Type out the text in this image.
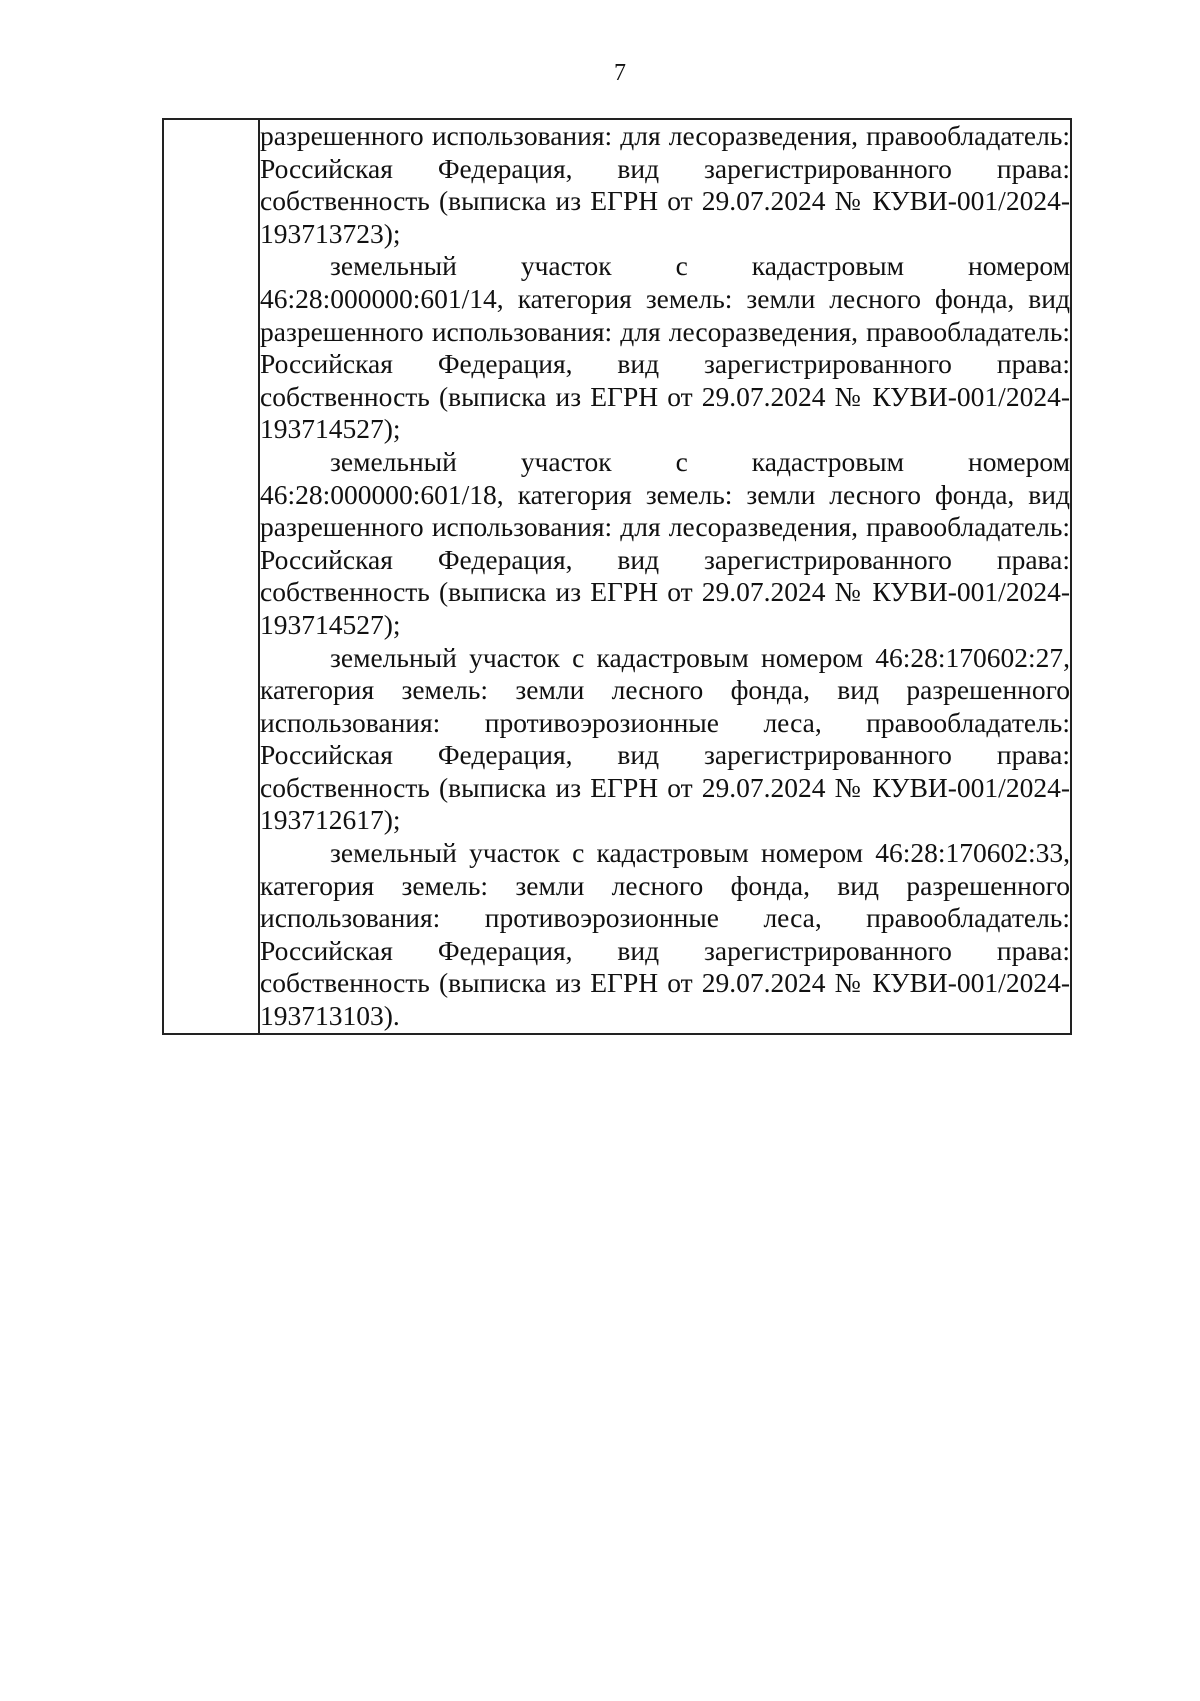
7

разрешенного использования: для лесоразведения, правообладатель: Российская Федерация, вид зарегистрированного права: собственность (выписка из ЕГРН от 29.07.2024 № КУВИ-001/2024-193713723);

земельный участок с кадастровым номером 46:28:000000:601/14, категория земель: земли лесного фонда, вид разрешенного использования: для лесоразведения, правообладатель: Российская Федерация, вид зарегистрированного права: собственность (выписка из ЕГРН от 29.07.2024 № КУВИ-001/2024-193714527);

земельный участок с кадастровым номером 46:28:000000:601/18, категория земель: земли лесного фонда, вид разрешенного использования: для лесоразведения, правообладатель: Российская Федерация, вид зарегистрированного права: собственность (выписка из ЕГРН от 29.07.2024 № КУВИ-001/2024-193714527);

земельный участок с кадастровым номером 46:28:170602:27, категория земель: земли лесного фонда, вид разрешенного использования: противоэрозионные леса, правообладатель: Российская Федерация, вид зарегистрированного права: собственность (выписка из ЕГРН от 29.07.2024 № КУВИ-001/2024-193712617);

земельный участок с кадастровым номером 46:28:170602:33, категория земель: земли лесного фонда, вид разрешенного использования: противоэрозионные леса, правообладатель: Российская Федерация, вид зарегистрированного права: собственность (выписка из ЕГРН от 29.07.2024 № КУВИ-001/2024-193713103).
